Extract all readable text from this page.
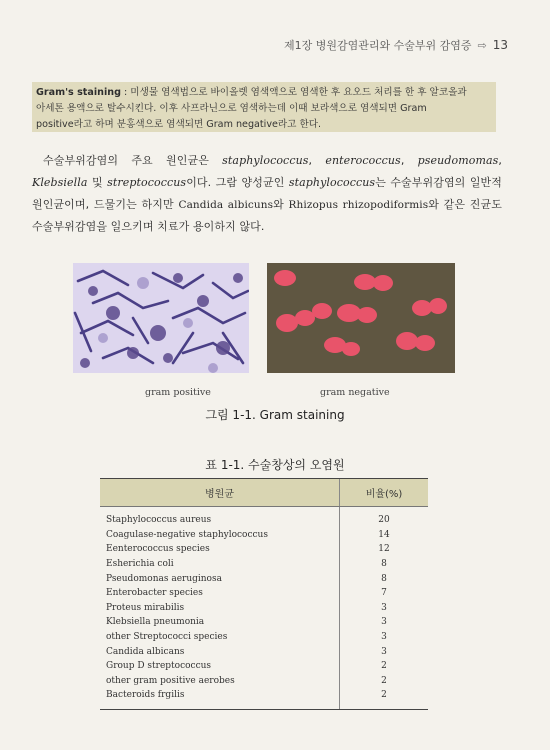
제1장 병원감염관리와 수술부위 감염증 ⇨ 13
Gram's staining : 미생물 염색법으로 바이올렛 염색액으로 염색한 후 요오드 처리를 한 후 알코올과
아세톤 용액으로 탈수시킨다. 이후 사프라닌으로 염색하는데 이때 보라색으로 염색되면 Gram
positive라고 하며 분홍색으로 염색되면 Gram negative라고 한다.
수술부위감염의 주요 원인균은 staphylococcus, enterococcus, pseudomomas, Klebsiella 및 streptococcus이다. 그람 양성균인 staphylococcus는 수술부위감염의 일반적 원인균이며, 드물기는 하지만 Candida albicuns와 Rhizopus rhizopodiformis와 같은 진균도 수술부위감염을 일으키며 치료가 용이하지 않다.
gram positive	gram negative
그림 1-1. Gram staining
표 1-1. 수술창상의 오염원
병원균	비율(%)
Staphylococcus aureus	20
Coagulase-negative staphylococcus	14
Eenterococcus species	12
Esherichia coli	8
Pseudomonas aeruginosa	8
Enterobacter species	7
Proteus mirabilis	3
Klebsiella pneumonia	3
other Streptococci species	3
Candida albicans	3
Group D streptococcus	2
other gram positive aerobes	2
Bacteroids frgilis	2
